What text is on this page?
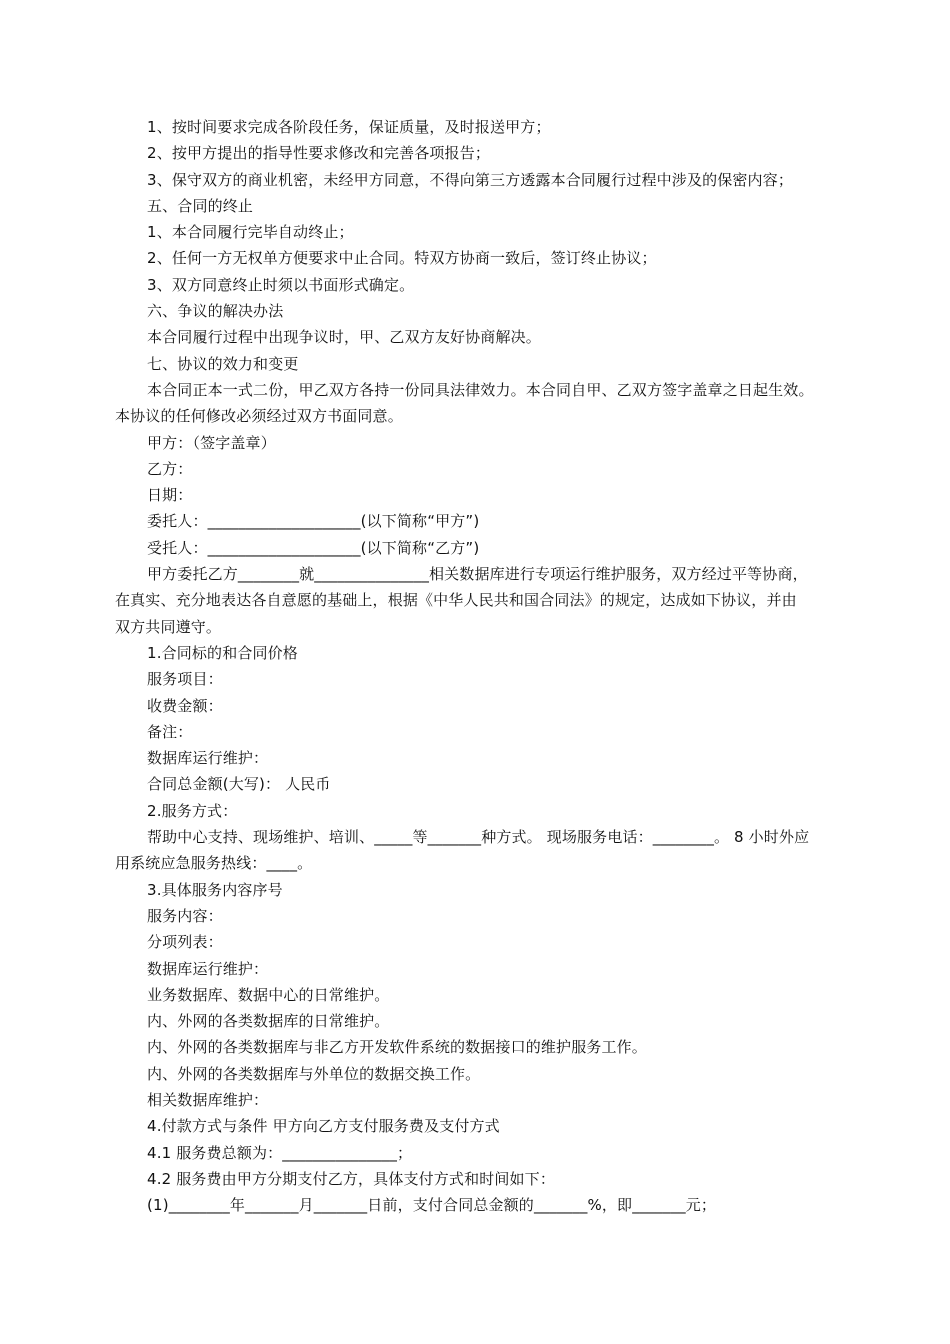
1、按时间要求完成各阶段任务，保证质量，及时报送甲方；
2、按甲方提出的指导性要求修改和完善各项报告；
3、保守双方的商业机密，未经甲方同意，不得向第三方透露本合同履行过程中涉及的保密内容；
五、合同的终止
1、本合同履行完毕自动终止；
2、任何一方无权单方便要求中止合同。特双方协商一致后，签订终止协议；
3、双方同意终止时须以书面形式确定。
六、争议的解决办法
本合同履行过程中出现争议时，甲、乙双方友好协商解决。
七、协议的效力和变更
本合同正本一式二份，甲乙双方各持一份同具法律效力。本合同自甲、乙双方签字盖章之日起生效。
本协议的任何修改必须经过双方书面同意。
甲方：（签字盖章）
乙方：
日期：
委托人：____________________(以下简称“甲方”)
受托人：____________________(以下简称“乙方”)
甲方委托乙方________就_______________相关数据库进行专项运行维护服务，双方经过平等协商，
在真实、充分地表达各自意愿的基础上，根据《中华人民共和国合同法》的规定，达成如下协议，并由
双方共同遵守。
1.合同标的和合同价格
服务项目：
收费金额：
备注：
数据库运行维护：
合同总金额(大写)： 人民币
2.服务方式：
帮助中心支持、现场维护、培训、_____等_______种方式。 现场服务电话：________。 8 小时外应
用系统应急服务热线：____。
3.具体服务内容序号
服务内容：
分项列表：
数据库运行维护：
业务数据库、数据中心的日常维护。
内、外网的各类数据库的日常维护。
内、外网的各类数据库与非乙方开发软件系统的数据接口的维护服务工作。
内、外网的各类数据库与外单位的数据交换工作。
相关数据库维护：
4.付款方式与条件 甲方向乙方支付服务费及支付方式
4.1 服务费总额为：_______________；
4.2 服务费由甲方分期支付乙方，具体支付方式和时间如下：
(1)________年_______月_______日前，支付合同总金额的_______%，即_______元；
